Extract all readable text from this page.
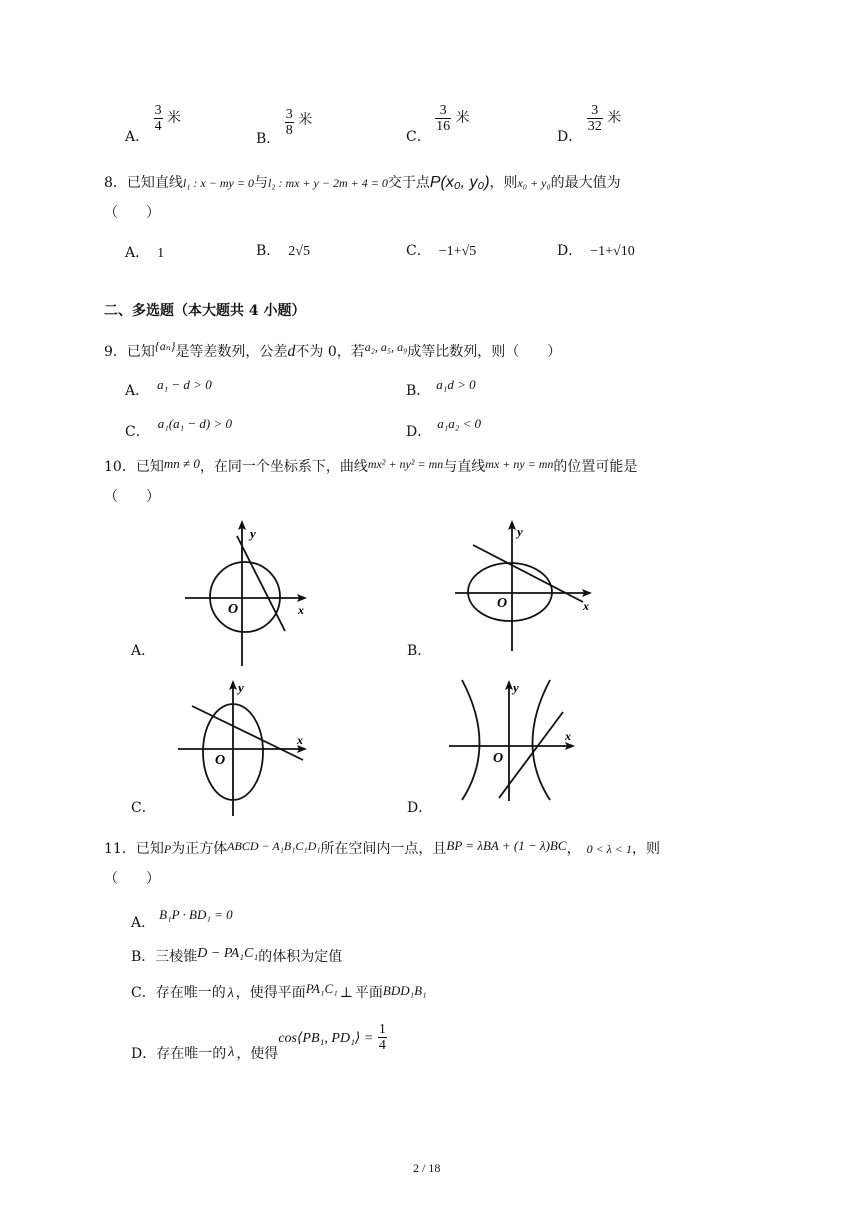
A．
$\frac{3}{4}$ 米
B．
$\frac{3}{8}$ 米
C．
$\frac{3}{16}$ 米
D．
$\frac{3}{32}$ 米
8．已知直线l₁ : x − my = 0与l₂ : mx + y − 2m + 4 = 0交于点P(x₀, y₀)，则x₀ + y₀的最大值为
（　　）
A． 1	B． 2√5	C． −1+√5	D． −1+√10
二、多选题（本大题共 4 小题）
9．已知{aₙ}是等差数列，公差d不为 0，若a₂, a₅, a₉成等比数列，则（　　）
A． a₁ − d > 0	B． a₁d > 0
C．a₁(a₁ − d) > 0
D．a₁a₂ < 0
10．已知mn ≠ 0，在同一个坐标系下，曲线mx² + ny² = mn与直线mx + ny = mn的位置可能是
（　　）
y
x
O
A．
y
x
O
B．
y
x
O
C．
y
x
O
D．
11．已知P为正方体ABCD − A₁B₁C₁D₁所在空间内一点，且BP = λBA + (1 − λ)BC， 0 < λ < 1，则
（　　）
A．B₁P · BD₁ = 0
B．三棱锥D − PA₁C₁的体积为定值
C．存在唯一的 λ ，使得平面PA₁C₁ ⊥ 平面BDD₁B₁
D．存在唯一的 λ ，使得cos⟨PB₁, PD₁⟩ = $\frac{1}{4}$
2 / 18
